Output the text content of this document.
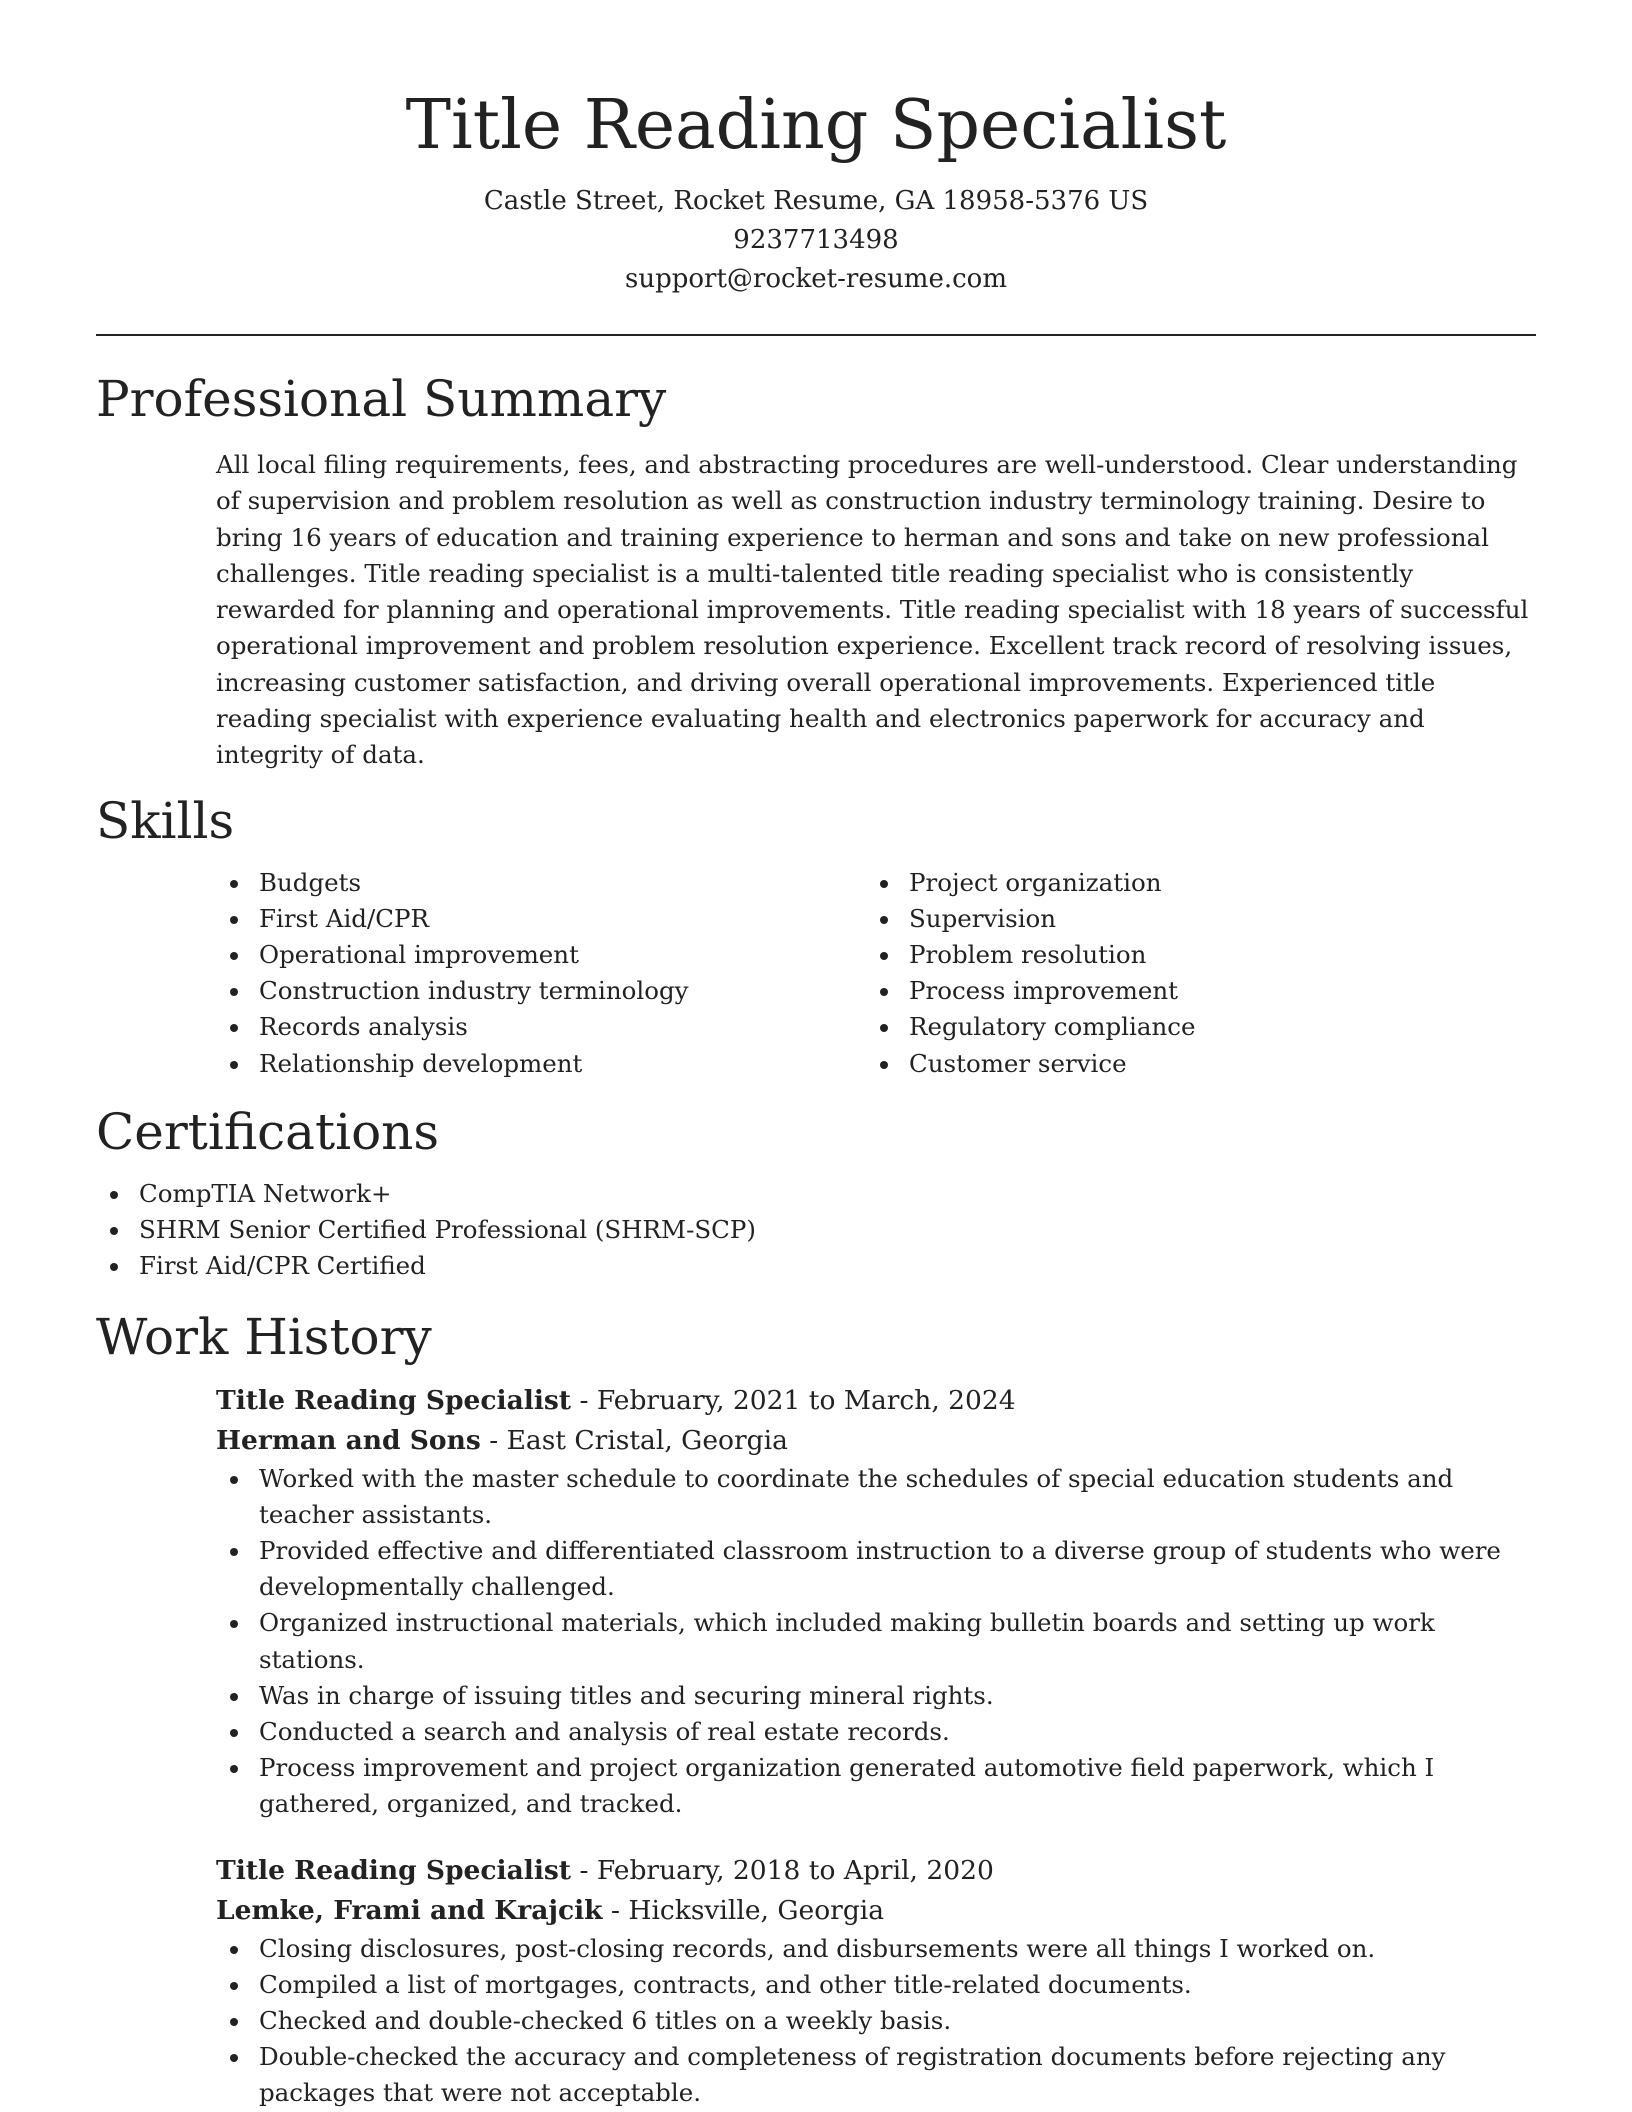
Title Reading Specialist
Castle Street, Rocket Resume, GA 18958-5376 US
9237713498
support@rocket-resume.com
Professional Summary

All local filing requirements, fees, and abstracting procedures are well-understood. Clear understanding of supervision and problem resolution as well as construction industry terminology training. Desire to bring 16 years of education and training experience to herman and sons and take on new professional challenges. Title reading specialist is a multi-talented title reading specialist who is consistently rewarded for planning and operational improvements. Title reading specialist with 18 years of successful operational improvement and problem resolution experience. Excellent track record of resolving issues, increasing customer satisfaction, and driving overall operational improvements. Experienced title reading specialist with experience evaluating health and electronics paperwork for accuracy and integrity of data.

Skills
Budgets
First Aid/CPR
Operational improvement
Construction industry terminology
Records analysis
Relationship development
Project organization
Supervision
Problem resolution
Process improvement
Regulatory compliance
Customer service
Certifications
CompTIA Network+
SHRM Senior Certified Professional (SHRM-SCP)
First Aid/CPR Certified
Work History
Title Reading Specialist - February, 2021 to March, 2024
Herman and Sons - East Cristal, Georgia
Worked with the master schedule to coordinate the schedules of special education students and teacher assistants.
Provided effective and differentiated classroom instruction to a diverse group of students who were developmentally challenged.
Organized instructional materials, which included making bulletin boards and setting up work stations.
Was in charge of issuing titles and securing mineral rights.
Conducted a search and analysis of real estate records.
Process improvement and project organization generated automotive field paperwork, which I gathered, organized, and tracked.
Title Reading Specialist - February, 2018 to April, 2020
Lemke, Frami and Krajcik - Hicksville, Georgia
Closing disclosures, post-closing records, and disbursements were all things I worked on.
Compiled a list of mortgages, contracts, and other title-related documents.
Checked and double-checked 6 titles on a weekly basis.
Double-checked the accuracy and completeness of registration documents before rejecting any packages that were not acceptable.
